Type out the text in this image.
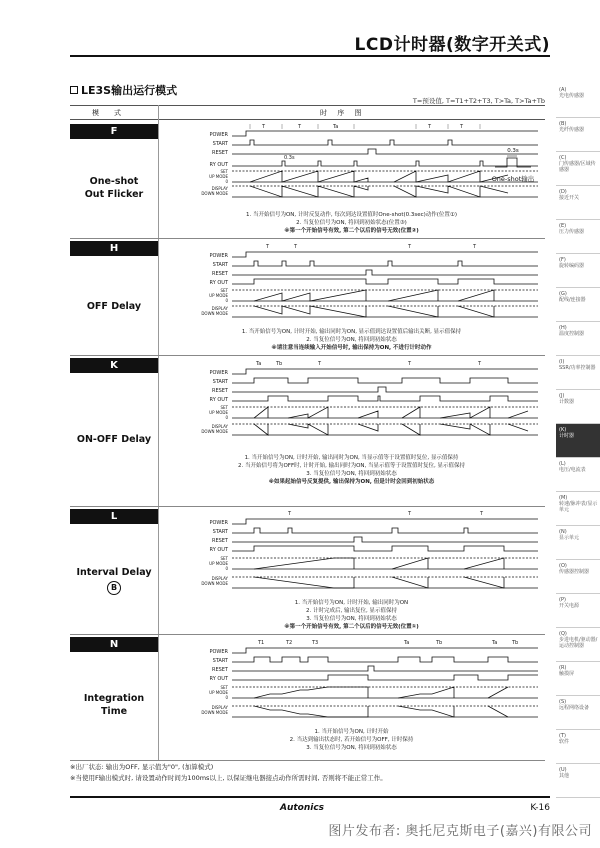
LCD计时器(数字开关式)
LE3S输出运行模式
T=预设值, T=T1+T2+T3, T>Ta, T>Ta+Tb
模　式	时 序 图
F
One-shot
Out Flicker
POWER
START
RESET
RY OUT
SET
UP MODE
0
DISPLAY
DOWN MODE
T	T	Ta	T	T
0.3s
0.3s
One-shot输出
1. 当开始信号为ON, 计时反复动作, 每次到达设置值时One-shot(0.3sec)动作(位置①)
2. 当复位信号为ON, 将回到初始状态(位置③)
※第一个开始信号有效, 第二个以后的信号无效(位置②)
H
OFF Delay
POWER
START
RESET
RY OUT
SET
UP MODE
0
DISPLAY
DOWN MODE
T	T	T	T
1. 当开始信号为ON, 计时开始, 输出同时为ON, 显示值到达设置值后输出关断, 显示值保持
2. 当复位信号为ON, 将回到初始状态
※请注意当连续输入开始信号时, 输出保持为ON, 不进行计时动作
K
ON-OFF Delay
POWER
START
RESET
RY OUT
SET
UP MODE
0
DISPLAY
DOWN MODE
Ta	Tb	T	T	T
1. 当开始信号为ON, 计时开始, 输出同时为ON, 当显示值等于设置值时复位, 显示值保持
2. 当开始信号将为OFF时, 计时开始, 输出同时为ON, 当显示值等于设置值时复位, 显示值保持
3. 当复位信号为ON, 将回到初始状态
※如果起始信号反复提供, 输出保持为ON, 但是计时会回到初始状态
L
Interval Delay
B
POWER
START
RESET
RY OUT
SET
UP MODE
0
DISPLAY
DOWN MODE
T	T	T
1. 当开始信号为ON, 计时开始, 输出同时为ON
2. 计时完成后, 输出复位, 显示值保持
3. 当复位信号为ON, 将回到初始状态
※第一个开始信号有效, 第二个以后的信号无效(位置①)
N
Integration
Time
POWER
START
RESET
RY OUT
SET
UP MODE
0
DISPLAY
DOWN MODE
T1	T2	T3	Ta	Tb	Ta	Tb
1. 当开始信号为ON, 计时开始
2. 当达到输出状态时, 若开始信号为OFF, 计时保持
3. 当复位信号为ON, 将回到初始状态
※出厂状态: 输出为OFF, 显示值为"0", (加算模式)
※当使用F输出模式时, 请设置动作时间为100ms以上, 以保证继电器接点动作所需时间, 否则将不能正常工作。
Autonics	K-16
图片发布者: 奥托尼克斯电子(嘉兴)有限公司
(A)
光电传感器
(B)
光纤传感器
(C)
门传感器/区域传感器
(D)
接近开关
(E)
压力传感器
(F)
旋转编码器
(G)
配线/连接器
(H)
温度控制器
(I)
SSR/功率控制器
(J)
计数器
(K)
计时器
(L)
电压/电流表
(M)
转速/脉冲表/显示单元
(N)
显示单元
(O)
传感器控制器
(P)
开关电源
(Q)
步进电机/驱动器/运动控制器
(R)
触摸屏
(S)
远程网络设备
(T)
软件
(U)
其他
